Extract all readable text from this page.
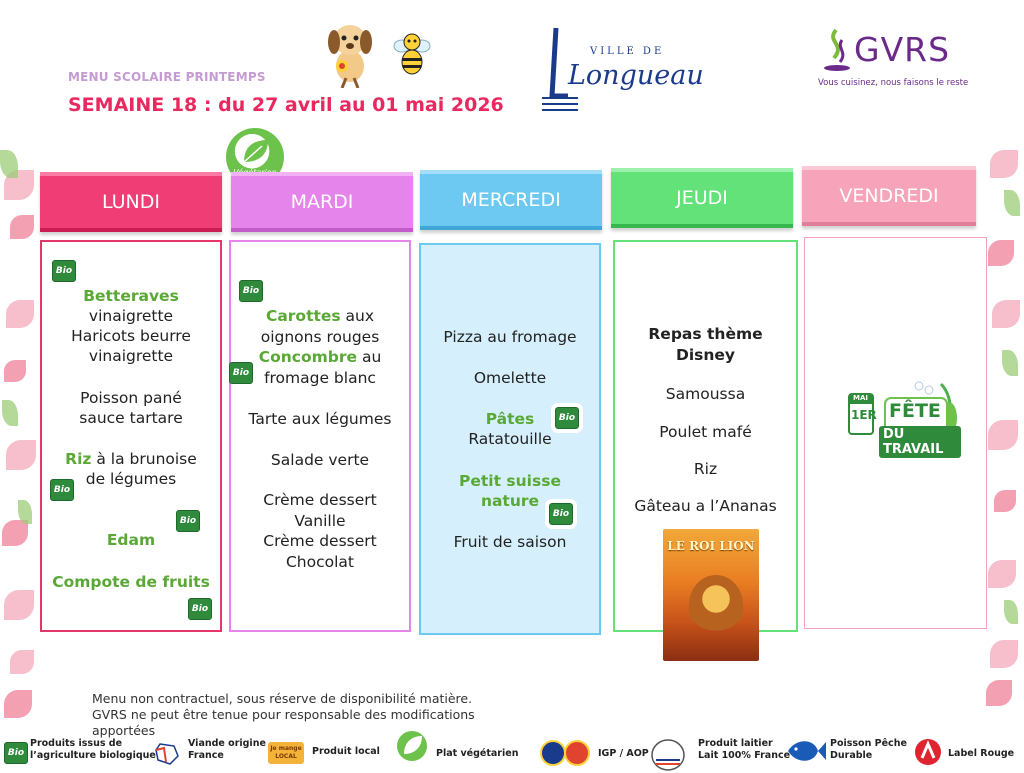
MENU SCOLAIRE PRINTEMPS
SEMAINE 18 : du 27 avril au 01 mai 2026
VILLE DE
Longueau
GVRS
Vous cuisinez, nous faisons le reste
LUNDI	MARDI	MERCREDI	JEUDI	VENDREDI
Bio
Betteraves
vinaigrette
Haricots beurre
vinaigrette
Poisson pané
sauce tartare
Riz à la brunoise
de légumes
Bio
Bio
Edam
Compote de fruits
Bio
Bio
Carottes aux
oignons rouges
Concombre au
Bio fromage blanc
Tarte aux légumes
Salade verte
Crème dessert
Vanille
Crème dessert
Chocolat
Pizza au fromage
Omelette
Pâtes	Bio
Ratatouille
Petit suisse
nature
Bio
Fruit de saison
Repas thème
Disney
Samoussa
Poulet mafé
Riz
Gâteau a l’Ananas
LE ROI LION
MAI
1ER FÊTE
DU TRAVAIL
Menu non contractuel, sous réserve de disponibilité matière.
GVRS ne peut être tenue pour responsable des modifications
apportées
Bio
Produits issus de
l’agriculture biologique
Viande origine
France
Je mange LOCAL	Produit local	Plat végétarien	IGP / AOP
Produit laitier
Lait 100% France
Poisson Pêche
Durable	Label Rouge
